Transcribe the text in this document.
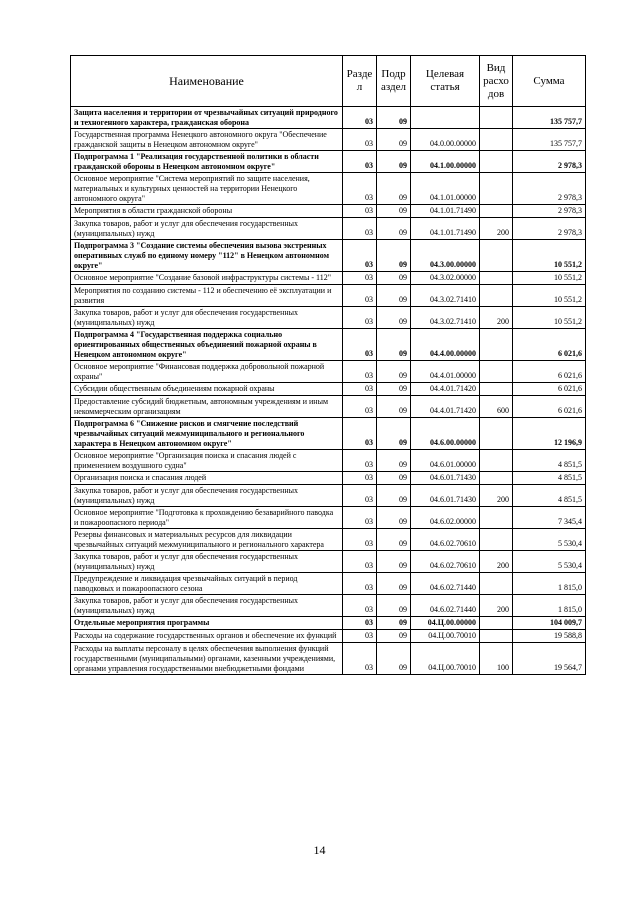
Наименование	Разде л	Подр аздел	Целевая статья	Вид расхо дов	Сумма
Защита населения и территории от чрезвычайных ситуаций природного и техногенного характера, гражданская оборона	03	09			135 757,7
Государственная программа Ненецкого автономного округа "Обеспечение гражданской защиты в Ненецком автономном округе"	03	09	04.0.00.00000		135 757,7
Подпрограмма 1 "Реализация государственной политики в области гражданской обороны в Ненецком автономном округе"	03	09	04.1.00.00000		2 978,3
Основное мероприятие "Система мероприятий по защите населения, материальных и культурных ценностей на территории Ненецкого автономного округа"	03	09	04.1.01.00000		2 978,3
Мероприятия в области гражданской обороны	03	09	04.1.01.71490		2 978,3
Закупка товаров, работ и услуг для обеспечения государственных (муниципальных) нужд	03	09	04.1.01.71490	200	2 978,3
Подпрограмма 3 "Создание системы обеспечения вызова экстренных оперативных служб по единому номеру "112" в Ненецком автономном округе"	03	09	04.3.00.00000		10 551,2
Основное мероприятие "Создание базовой инфраструктуры системы - 112"	03	09	04.3.02.00000		10 551,2
Мероприятия по созданию системы - 112 и обеспечению её эксплуатации и развития	03	09	04.3.02.71410		10 551,2
Закупка товаров, работ и услуг для обеспечения государственных (муниципальных) нужд	03	09	04.3.02.71410	200	10 551,2
Подпрограмма 4 "Государственная поддержка социально ориентированных общественных объединений пожарной охраны в Ненецком автономном округе"	03	09	04.4.00.00000		6 021,6
Основное мероприятие "Финансовая поддержка добровольной пожарной охраны"	03	09	04.4.01.00000		6 021,6
Субсидии общественным объединениям пожарной охраны	03	09	04.4.01.71420		6 021,6
Предоставление субсидий бюджетным, автономным учреждениям и иным некоммерческим организациям	03	09	04.4.01.71420	600	6 021,6
Подпрограмма 6 "Снижение рисков и смягчение последствий чрезвычайных ситуаций межмуниципального и регионального характера в Ненецком автономном округе"	03	09	04.6.00.00000		12 196,9
Основное мероприятие "Организация поиска и спасания людей с применением воздушного судна"	03	09	04.6.01.00000		4 851,5
Организация поиска и спасания людей	03	09	04.6.01.71430		4 851,5
Закупка товаров, работ и услуг для обеспечения государственных (муниципальных) нужд	03	09	04.6.01.71430	200	4 851,5
Основное мероприятие "Подготовка к прохождению безаварийного паводка и пожароопасного периода"	03	09	04.6.02.00000		7 345,4
Резервы финансовых и материальных ресурсов для ликвидации чрезвычайных ситуаций межмуниципального и регионального характера	03	09	04.6.02.70610		5 530,4
Закупка товаров, работ и услуг для обеспечения государственных (муниципальных) нужд	03	09	04.6.02.70610	200	5 530,4
Предупреждение и ликвидация чрезвычайных ситуаций в период паводковых и пожароопасного сезона	03	09	04.6.02.71440		1 815,0
Закупка товаров, работ и услуг для обеспечения государственных (муниципальных) нужд	03	09	04.6.02.71440	200	1 815,0
Отдельные мероприятия программы	03	09	04.Ц.00.00000		104 009,7
Расходы на содержание государственных органов и обеспечение их функций	03	09	04.Ц.00.70010		19 588,8
Расходы на выплаты персоналу в целях обеспечения выполнения функций государственными (муниципальными) органами, казенными учреждениями, органами управления государственными внебюджетными фондами	03	09	04.Ц.00.70010	100	19 564,7
14
